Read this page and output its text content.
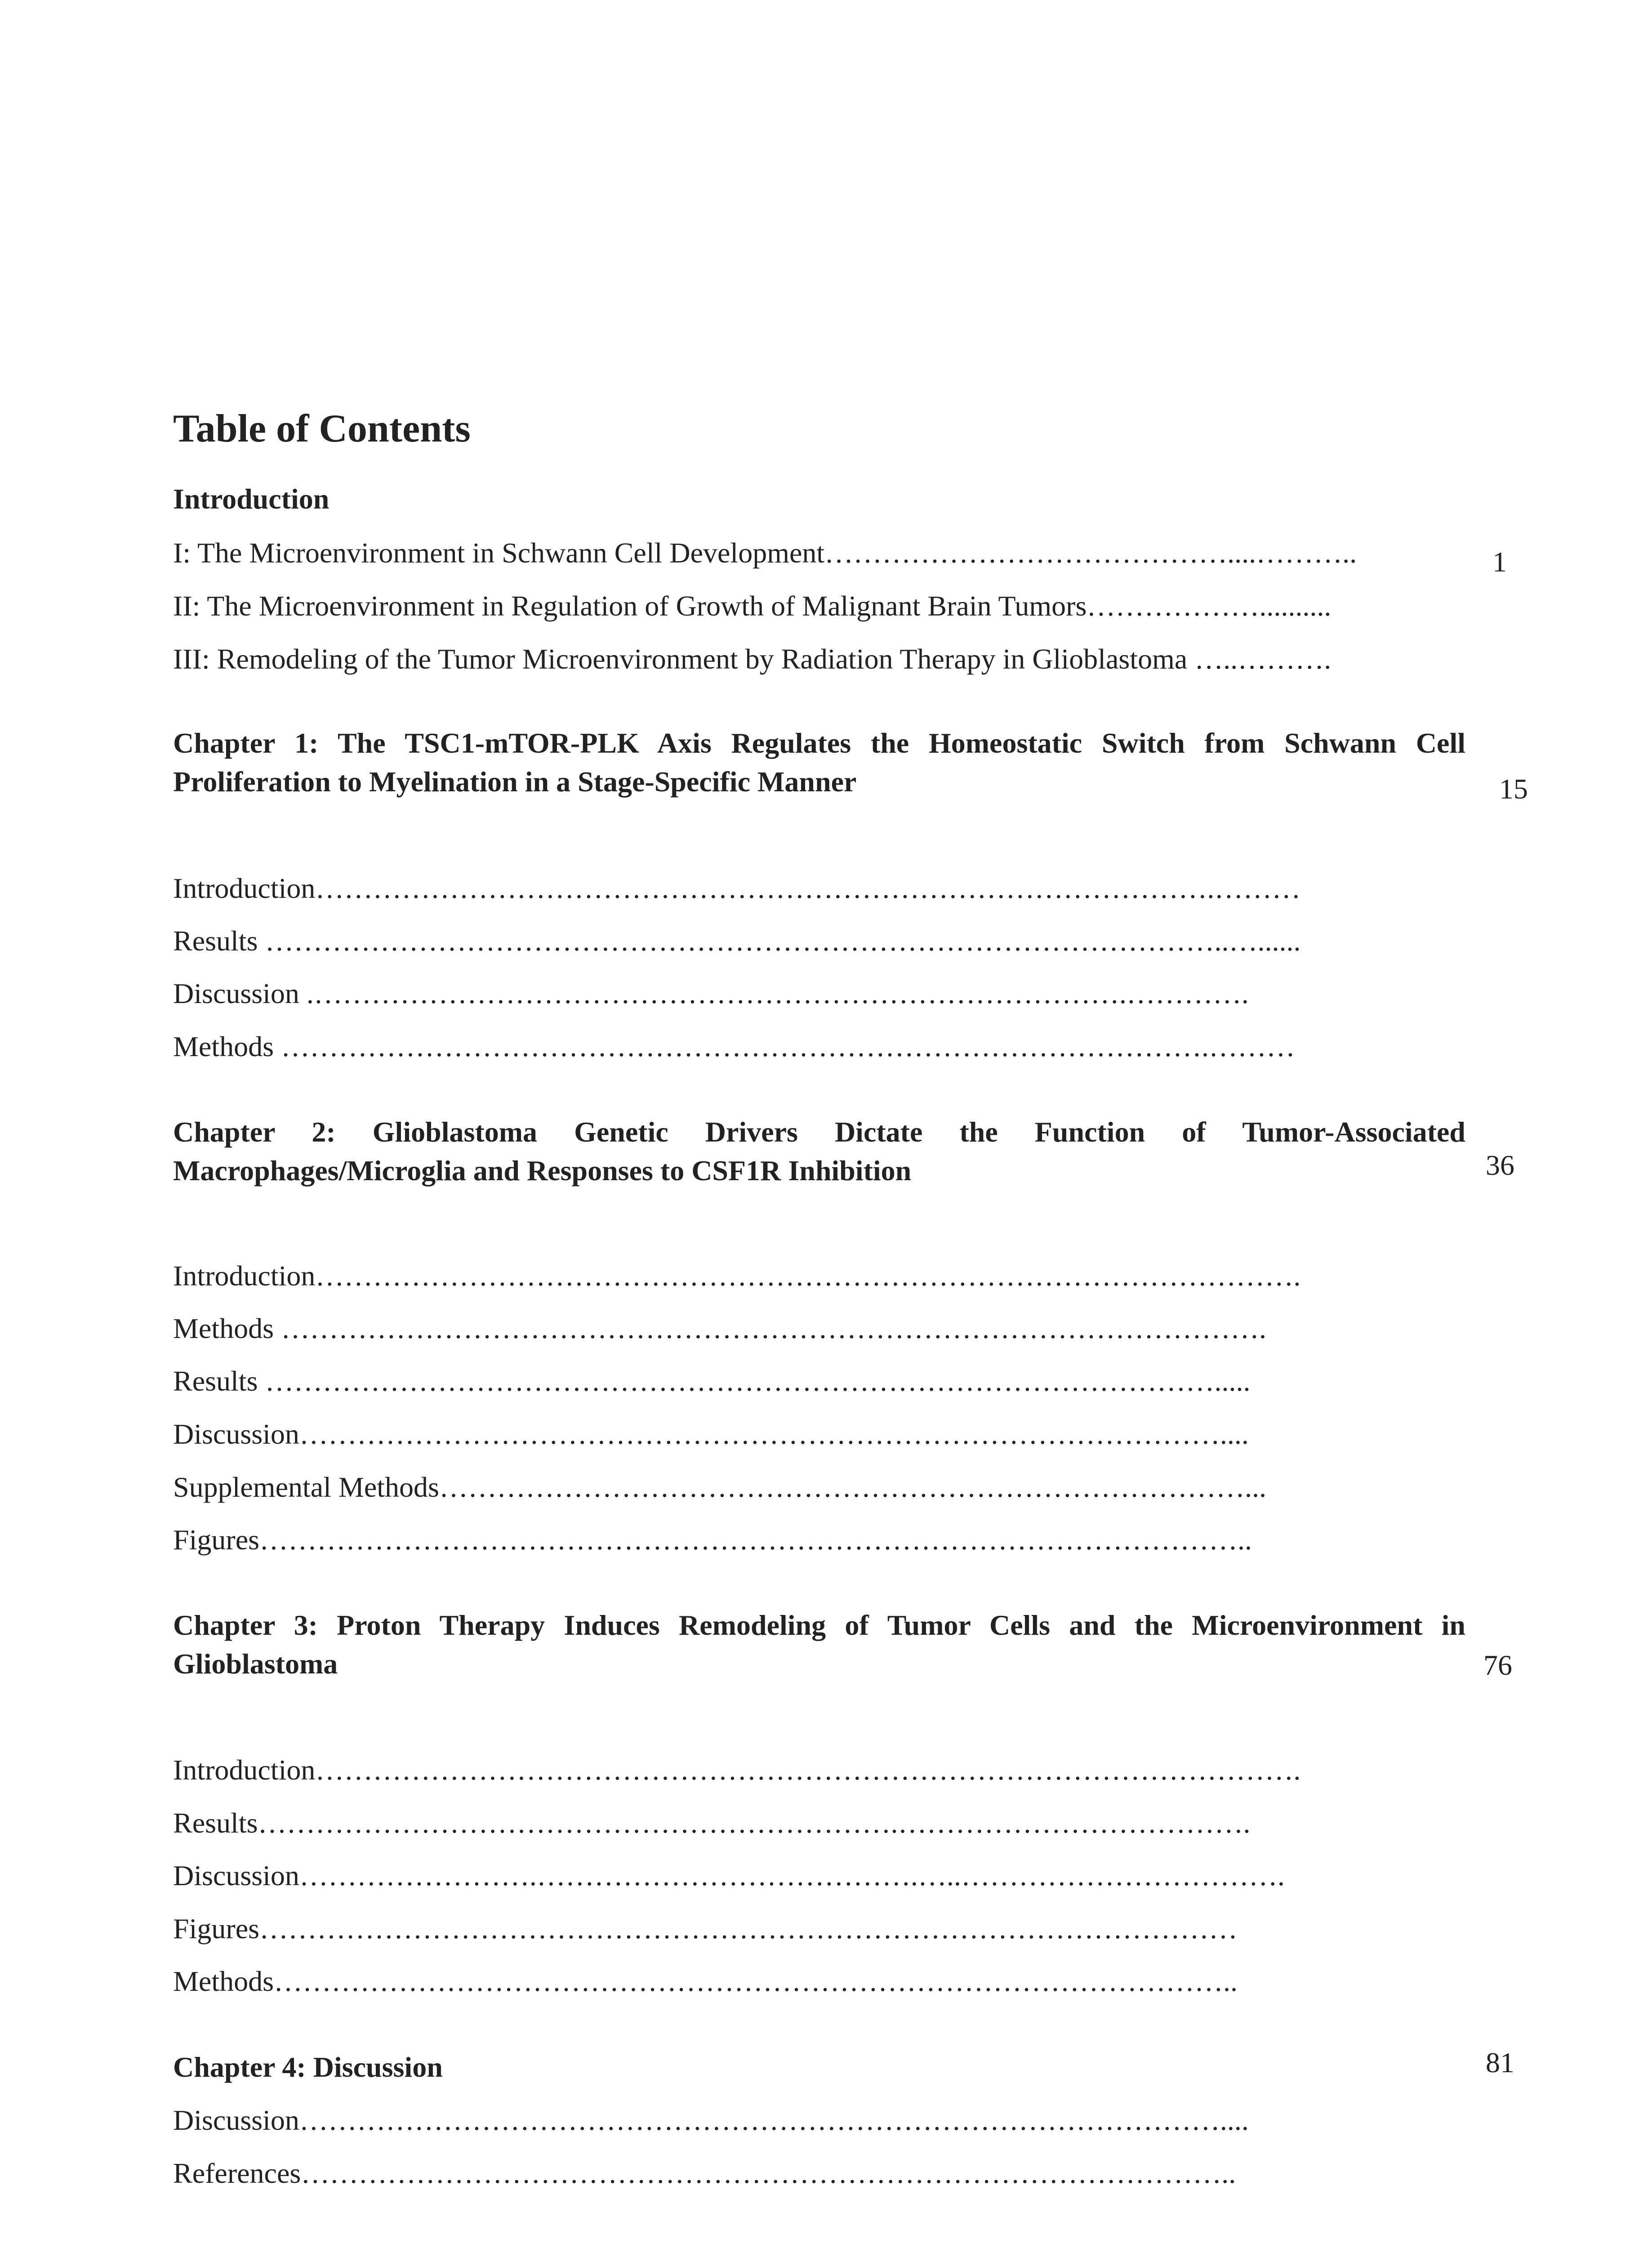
Table of Contents
Introduction
I: The Microenvironment in Schwann Cell Development……………………………………....………..	1
II: The Microenvironment in Regulation of Growth of Malignant Brain Tumors………………..........
III: Remodeling of the Tumor Microenvironment by Radiation Therapy in Glioblastoma …..……….
Chapter 1: The TSC1-mTOR-PLK Axis Regulates the Homeostatic Switch from Schwann Cell Proliferation to Myelination in a Stage-Specific Manner	15
Introduction………………………………………………………………………………….………
Results ………………………………………………………………………………………..…......
Discussion .………………………………………………………………………….………….
Methods …………………………………………………………………………………….………
Chapter 2: Glioblastoma Genetic Drivers Dictate the Function of Tumor-Associated Macrophages/Microglia and Responses to CSF1R Inhibition	36
Introduction………………………………………………………………………………………….
Methods ………………………………………………………………………………………….
Results ……………………………………………………………………………………….....
Discussion……………………………………………………………………………………....
Supplemental Methods…………………………………………………………………………...
Figures…………………………………………………………………………………………..
Chapter 3: Proton Therapy Induces Remodeling of Tumor Cells and the Microenvironment in Glioblastoma	76
Introduction………………………………………………………………………………………….
Results………………………………………………………….……………………………….
Discussion…………………….………………………………….…..…………………………….
Figures…………………………………………………………………………………………
Methods………………………………………………………………………………………..
Chapter 4: Discussion	81
Discussion……………………………………………………………………………………....
References……………………………………………………………………………………..
